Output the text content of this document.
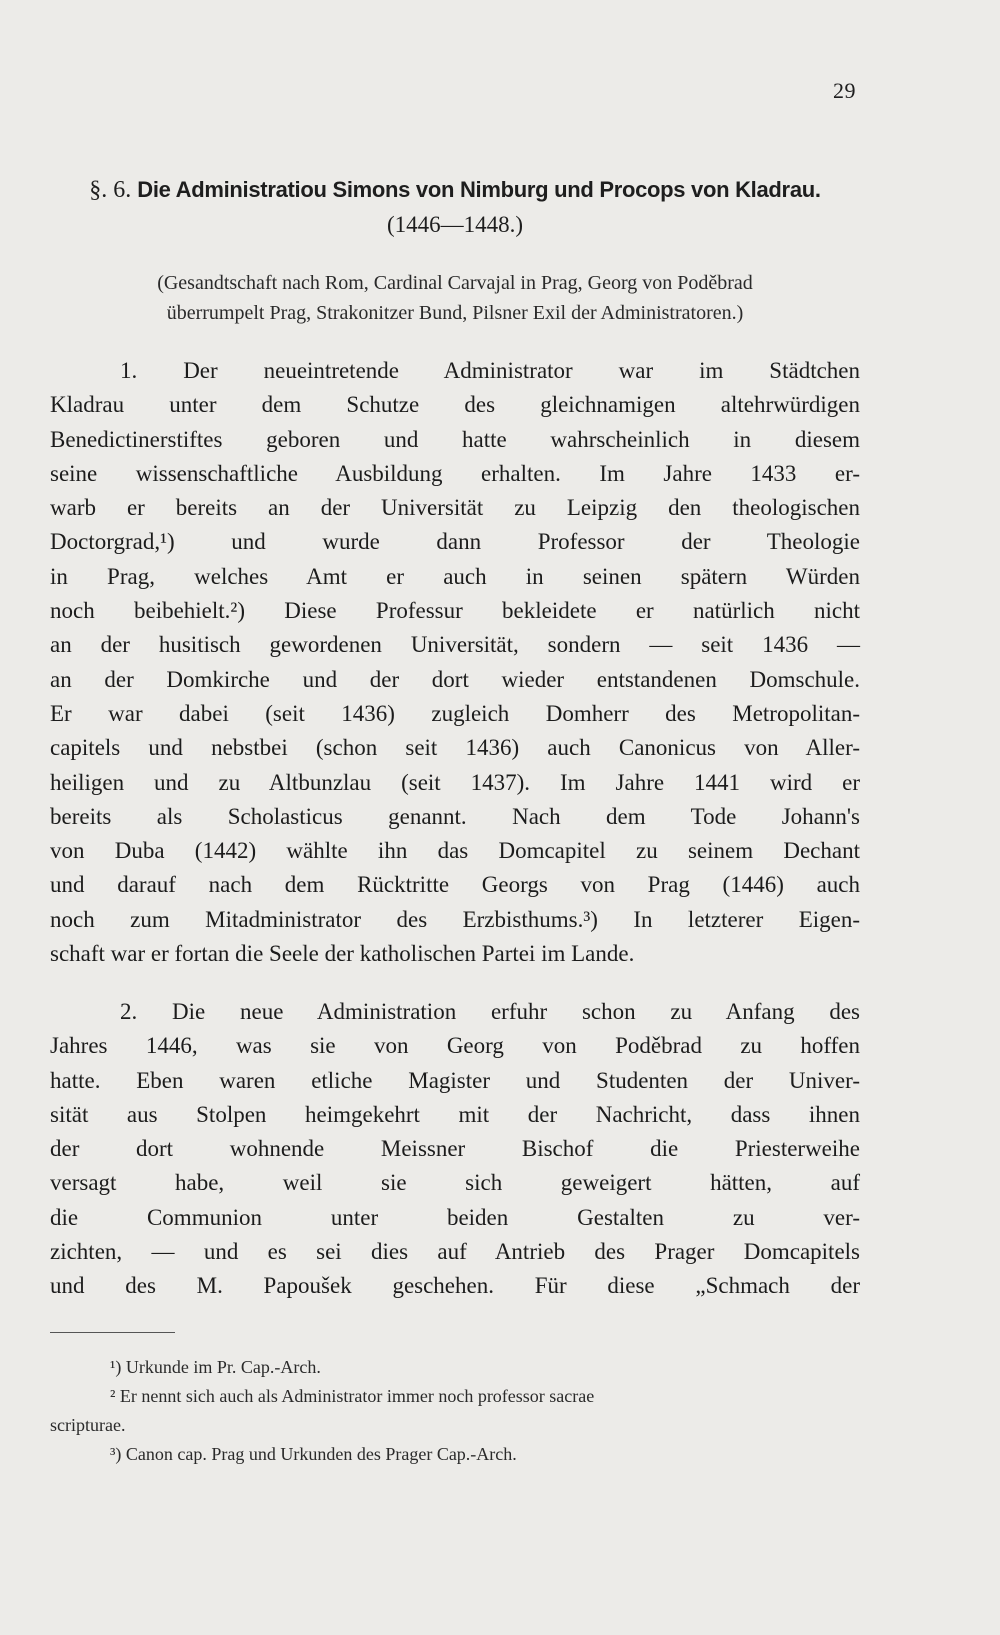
29
§. 6. Die Administratiou Simons von Nimburg und Procops von Kladrau.
(1446—1448.)
(Gesandtschaft nach Rom, Cardinal Carvajal in Prag, Georg von Poděbrad
überrumpelt Prag, Strakonitzer Bund, Pilsner Exil der Administratoren.)
1. Der neueintretende Administrator war im Städtchen
Kladrau unter dem Schutze des gleichnamigen altehrwürdigen
Benedictinerstiftes geboren und hatte wahrscheinlich in diesem
seine wissenschaftliche Ausbildung erhalten. Im Jahre 1433 er-
warb er bereits an der Universität zu Leipzig den theologischen
Doctorgrad,¹) und wurde dann Professor der Theologie
in Prag, welches Amt er auch in seinen spätern Würden
noch beibehielt.²) Diese Professur bekleidete er natürlich nicht
an der husitisch gewordenen Universität, sondern — seit 1436 —
an der Domkirche und der dort wieder entstandenen Domschule.
Er war dabei (seit 1436) zugleich Domherr des Metropolitan-
capitels und nebstbei (schon seit 1436) auch Canonicus von Aller-
heiligen und zu Altbunzlau (seit 1437). Im Jahre 1441 wird er
bereits als Scholasticus genannt. Nach dem Tode Johann's
von Duba (1442) wählte ihn das Domcapitel zu seinem Dechant
und darauf nach dem Rücktritte Georgs von Prag (1446) auch
noch zum Mitadministrator des Erzbisthums.³) In letzterer Eigen-
schaft war er fortan die Seele der katholischen Partei im Lande.
2. Die neue Administration erfuhr schon zu Anfang des
Jahres 1446, was sie von Georg von Poděbrad zu hoffen
hatte. Eben waren etliche Magister und Studenten der Univer-
sität aus Stolpen heimgekehrt mit der Nachricht, dass ihnen
der dort wohnende Meissner Bischof die Priesterweihe
versagt habe, weil sie sich geweigert hätten, auf
die Communion unter beiden Gestalten zu ver-
zichten, — und es sei dies auf Antrieb des Prager Domcapitels
und des M. Papoušek geschehen. Für diese „Schmach der
¹) Urkunde im Pr. Cap.-Arch.
² Er nennt sich auch als Administrator immer noch professor sacrae
scripturae.
³) Canon cap. Prag und Urkunden des Prager Cap.-Arch.
